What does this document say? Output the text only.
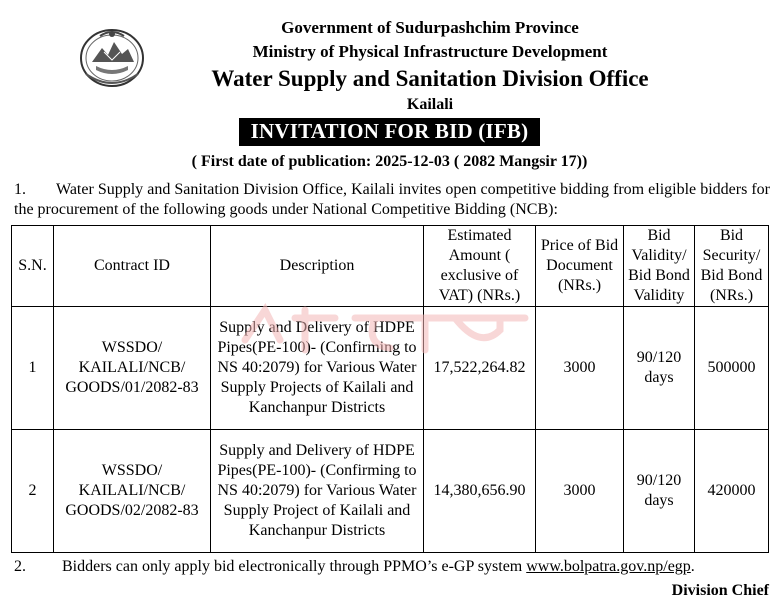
Government of Sudurpashchim Province
Ministry of Physical Infrastructure Development
Water Supply and Sanitation Division Office
Kailali
INVITATION FOR BID (IFB)
( First date of publication: 2025-12-03 ( 2082 Mangsir 17))
1.	Water Supply and Sanitation Division Office, Kailali invites open competitive bidding from eligible bidders for the procurement of the following goods under National Competitive Bidding (NCB):
S.N.	Contract ID	Description	Estimated Amount ( exclusive of VAT) (NRs.)	Price of Bid Document (NRs.)	Bid Validity/ Bid Bond Validity	Bid Security/ Bid Bond (NRs.)
1	WSSDO/ KAILALI/NCB/ GOODS/01/2082-83	Supply and Delivery of HDPE Pipes(PE-100)- (Confirming to NS 40:2079) for Various Water Supply Projects of Kailali and Kanchanpur Districts	17,522,264.82	3000	90/120 days	500000
2	WSSDO/ KAILALI/NCB/ GOODS/02/2082-83	Supply and Delivery of HDPE Pipes(PE-100)- (Confirming to NS 40:2079) for Various Water Supply Project of Kailali and Kanchanpur Districts	14,380,656.90	3000	90/120 days	420000
2. Bidders can only apply bid electronically through PPMO’s e-GP system www.bolpatra.gov.np/egp.
Division Chief
